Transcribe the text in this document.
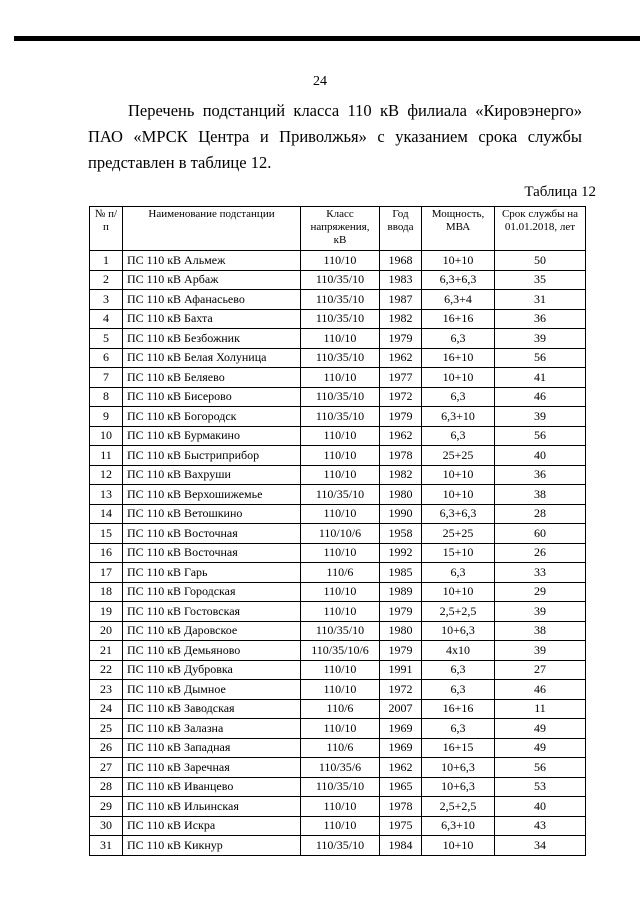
24
Перечень подстанций класса 110 кВ филиала «Кировэнерго» ПАО «МРСК Центра и Приволжья» с указанием срока службы представлен в таблице 12.
Таблица 12
№ п/п	Наименование подстанции	Класс напряжения, кВ	Год ввода	Мощность, МВА	Срок службы на 01.01.2018, лет
1	ПС 110 кВ Альмеж	110/10	1968	10+10	50
2	ПС 110 кВ Арбаж	110/35/10	1983	6,3+6,3	35
3	ПС 110 кВ Афанасьево	110/35/10	1987	6,3+4	31
4	ПС 110 кВ Бахта	110/35/10	1982	16+16	36
5	ПС 110 кВ Безбожник	110/10	1979	6,3	39
6	ПС 110 кВ Белая Холуница	110/35/10	1962	16+10	56
7	ПС 110 кВ Беляево	110/10	1977	10+10	41
8	ПС 110 кВ Бисерово	110/35/10	1972	6,3	46
9	ПС 110 кВ Богородск	110/35/10	1979	6,3+10	39
10	ПС 110 кВ Бурмакино	110/10	1962	6,3	56
11	ПС 110 кВ Быстриприбор	110/10	1978	25+25	40
12	ПС 110 кВ Вахруши	110/10	1982	10+10	36
13	ПС 110 кВ Верхошижемье	110/35/10	1980	10+10	38
14	ПС 110 кВ Ветошкино	110/10	1990	6,3+6,3	28
15	ПС 110 кВ Восточная	110/10/6	1958	25+25	60
16	ПС 110 кВ Восточная	110/10	1992	15+10	26
17	ПС 110 кВ Гарь	110/6	1985	6,3	33
18	ПС 110 кВ Городская	110/10	1989	10+10	29
19	ПС 110 кВ Гостовская	110/10	1979	2,5+2,5	39
20	ПС 110 кВ Даровское	110/35/10	1980	10+6,3	38
21	ПС 110 кВ Демьяново	110/35/10/6	1979	4x10	39
22	ПС 110 кВ Дубровка	110/10	1991	6,3	27
23	ПС 110 кВ Дымное	110/10	1972	6,3	46
24	ПС 110 кВ Заводская	110/6	2007	16+16	11
25	ПС 110 кВ Залазна	110/10	1969	6,3	49
26	ПС 110 кВ Западная	110/6	1969	16+15	49
27	ПС 110 кВ Заречная	110/35/6	1962	10+6,3	56
28	ПС 110 кВ Иванцево	110/35/10	1965	10+6,3	53
29	ПС 110 кВ Ильинская	110/10	1978	2,5+2,5	40
30	ПС 110 кВ Искра	110/10	1975	6,3+10	43
31	ПС 110 кВ Кикнур	110/35/10	1984	10+10	34
